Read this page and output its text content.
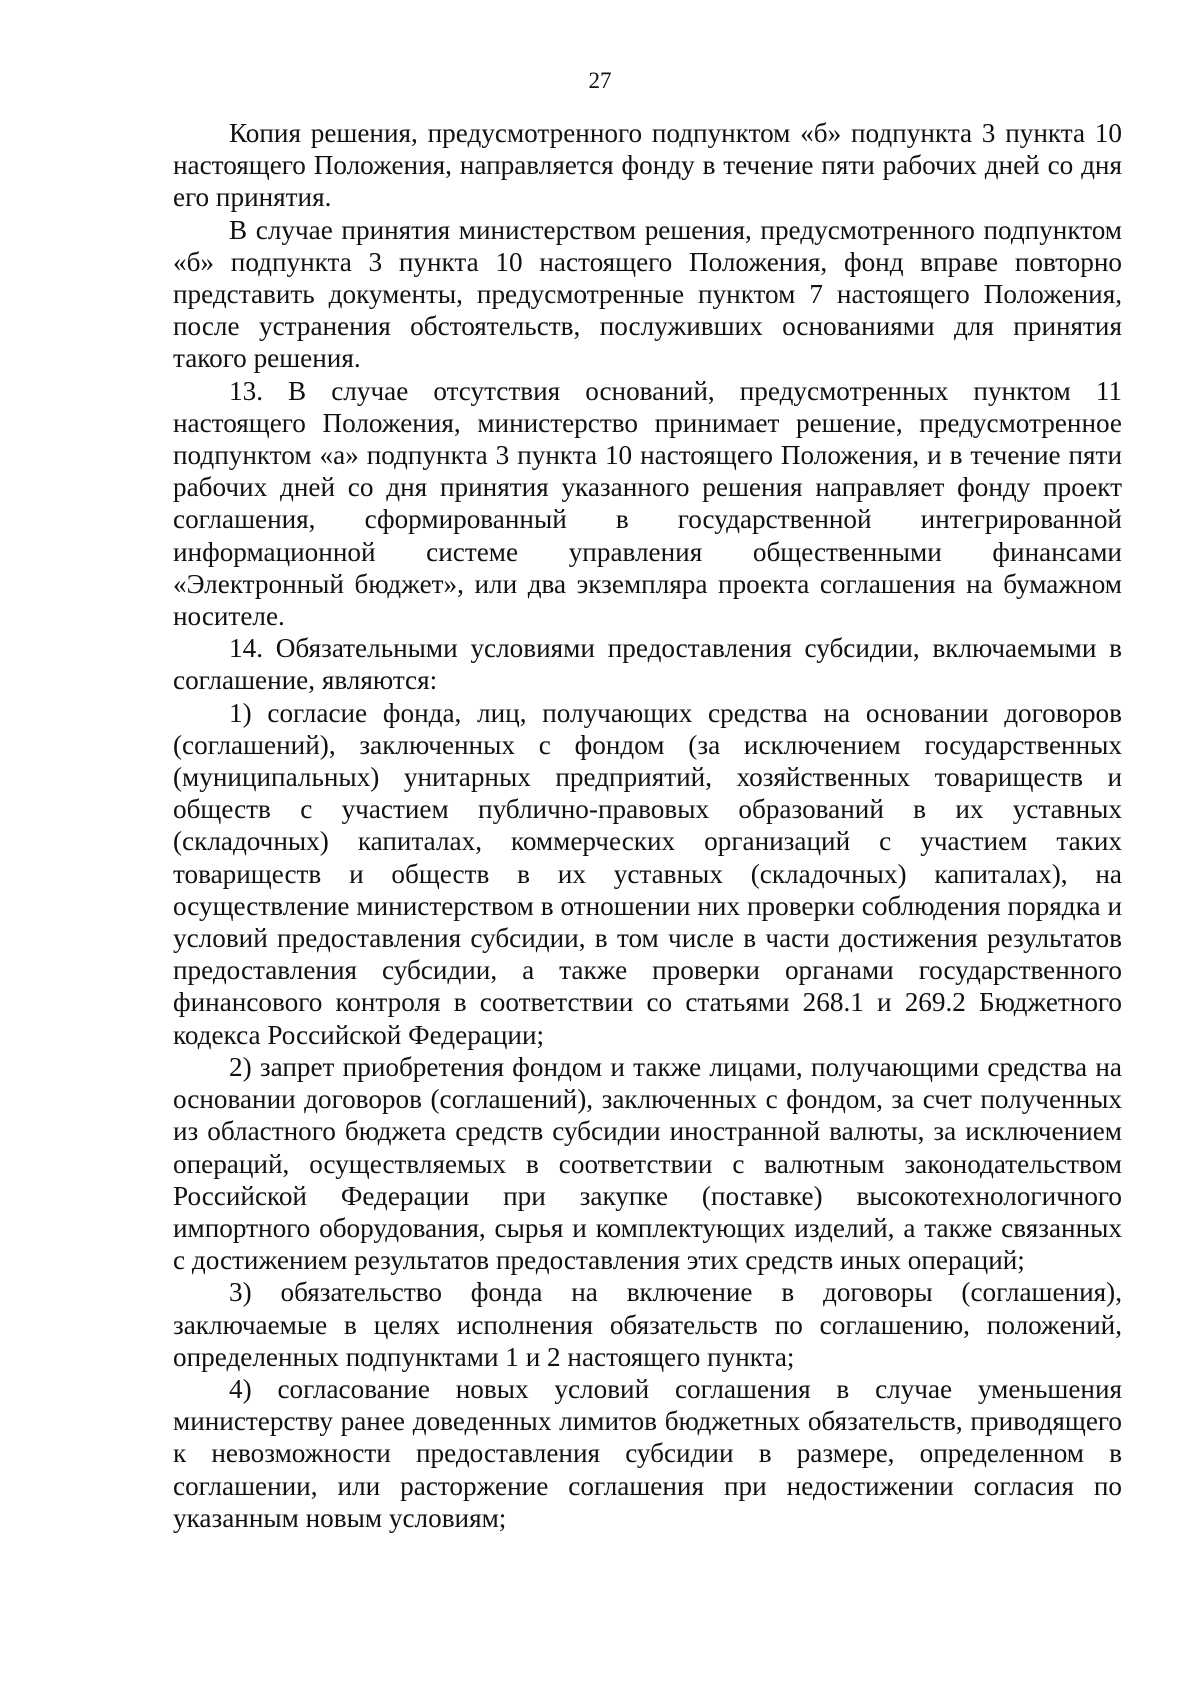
27

Копия решения, предусмотренного подпунктом «б» подпункта 3 пункта 10 настоящего Положения, направляется фонду в течение пяти рабочих дней со дня его принятия.

В случае принятия министерством решения, предусмотренного подпунктом «б» подпункта 3 пункта 10 настоящего Положения, фонд вправе повторно представить документы, предусмотренные пунктом 7 настоящего Положения, после устранения обстоятельств, послуживших основаниями для принятия такого решения.

13. В случае отсутствия оснований, предусмотренных пунктом 11 настоящего Положения, министерство принимает решение, предусмотренное подпунктом «а» подпункта 3 пункта 10 настоящего Положения, и в течение пяти рабочих дней со дня принятия указанного решения направляет фонду проект соглашения, сформированный в государственной интегрированной информационной системе управления общественными финансами «Электронный бюджет», или два экземпляра проекта соглашения на бумажном носителе.

14. Обязательными условиями предоставления субсидии, включаемыми в соглашение, являются:

1) согласие фонда, лиц, получающих средства на основании договоров (соглашений), заключенных с фондом (за исключением государственных (муниципальных) унитарных предприятий, хозяйственных товариществ и обществ с участием публично-правовых образований в их уставных (складочных) капиталах, коммерческих организаций с участием таких товариществ и обществ в их уставных (складочных) капиталах), на осуществление министерством в отношении них проверки соблюдения порядка и условий предоставления субсидии, в том числе в части достижения результатов предоставления субсидии, а также проверки органами государственного финансового контроля в соответствии со статьями 268.1 и 269.2 Бюджетного кодекса Российской Федерации;

2) запрет приобретения фондом и также лицами, получающими средства на основании договоров (соглашений), заключенных с фондом, за счет полученных из областного бюджета средств субсидии иностранной валюты, за исключением операций, осуществляемых в соответствии с валютным законодательством Российской Федерации при закупке (поставке) высокотехнологичного импортного оборудования, сырья и комплектующих изделий, а также связанных с достижением результатов предоставления этих средств иных операций;

3) обязательство фонда на включение в договоры (соглашения), заключаемые в целях исполнения обязательств по соглашению, положений, определенных подпунктами 1 и 2 настоящего пункта;

4) согласование новых условий соглашения в случае уменьшения министерству ранее доведенных лимитов бюджетных обязательств, приводящего к невозможности предоставления субсидии в размере, определенном в соглашении, или расторжение соглашения при недостижении согласия по указанным новым условиям;
